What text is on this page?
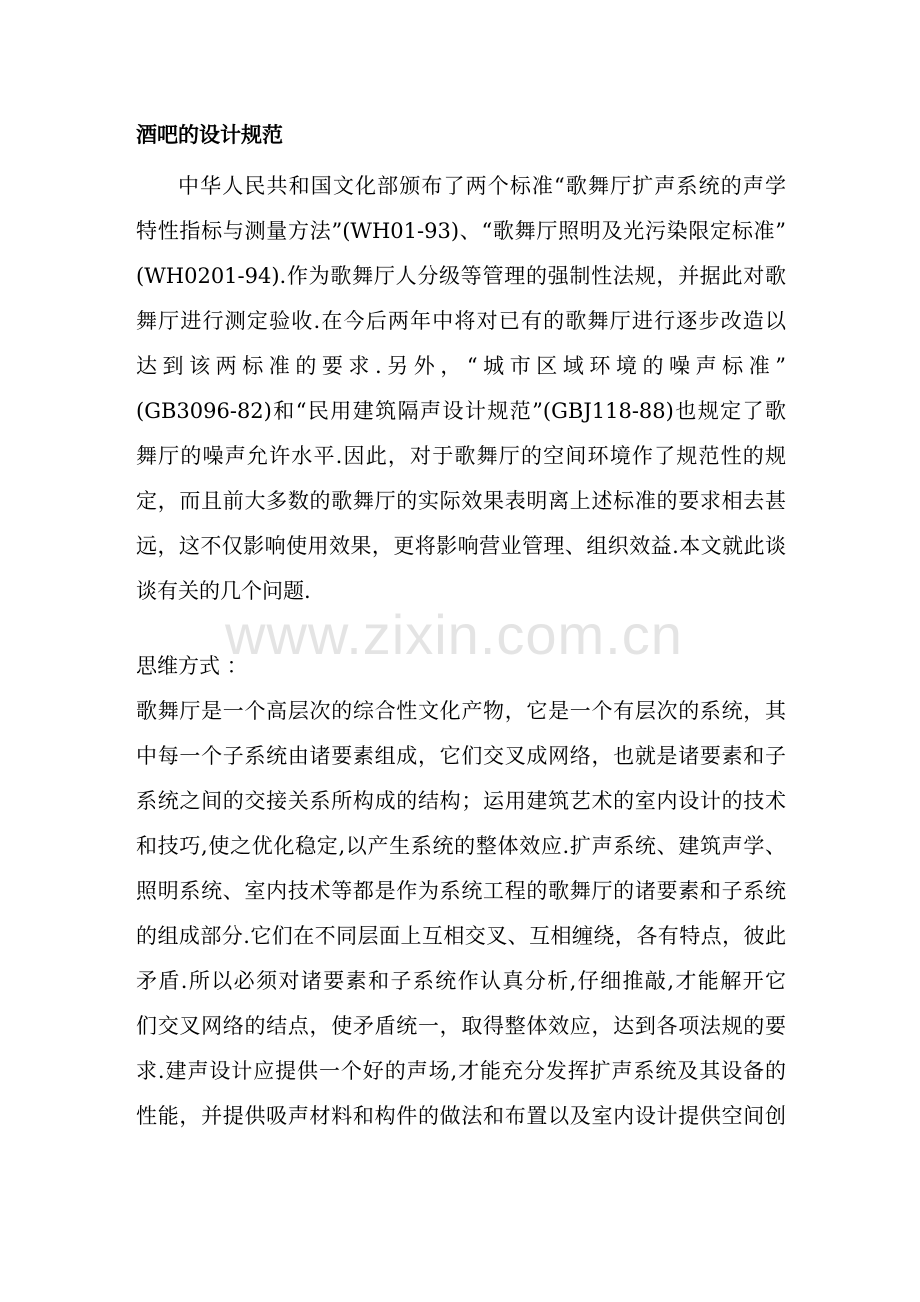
酒吧的设计规范
中华人民共和国文化部颁布了两个标准“歌舞厅扩声系统的声学
特性指标与测量方法”(WH01-93)、“歌舞厅照明及光污染限定标准”
(WH0201-94).作为歌舞厅人分级等管理的强制性法规，并据此对歌
舞厅进行测定验收.在今后两年中将对已有的歌舞厅进行逐步改造以
达到该两标准的要求.另外，“城市区域环境的噪声标准”
(GB3096-82)和“民用建筑隔声设计规范”(GBJ118-88)也规定了歌
舞厅的噪声允许水平.因此，对于歌舞厅的空间环境作了规范性的规
定，而且前大多数的歌舞厅的实际效果表明离上述标准的要求相去甚
远，这不仅影响使用效果，更将影响营业管理、组织效益.本文就此谈
谈有关的几个问题.
www.zixin.com.cn
思维方式 ：
歌舞厅是一个高层次的综合性文化产物，它是一个有层次的系统，其
中每一个子系统由诸要素组成，它们交叉成网络，也就是诸要素和子
系统之间的交接关系所构成的结构；运用建筑艺术的室内设计的技术
和技巧,使之优化稳定,以产生系统的整体效应.扩声系统、建筑声学、
照明系统、室内技术等都是作为系统工程的歌舞厅的诸要素和子系统
的组成部分.它们在不同层面上互相交叉、互相缠绕，各有特点，彼此
矛盾.所以必须对诸要素和子系统作认真分析,仔细推敲,才能解开它
们交叉网络的结点，使矛盾统一，取得整体效应，达到各项法规的要
求.建声设计应提供一个好的声场,才能充分发挥扩声系统及其设备的
性能，并提供吸声材料和构件的做法和布置以及室内设计提供空间创
